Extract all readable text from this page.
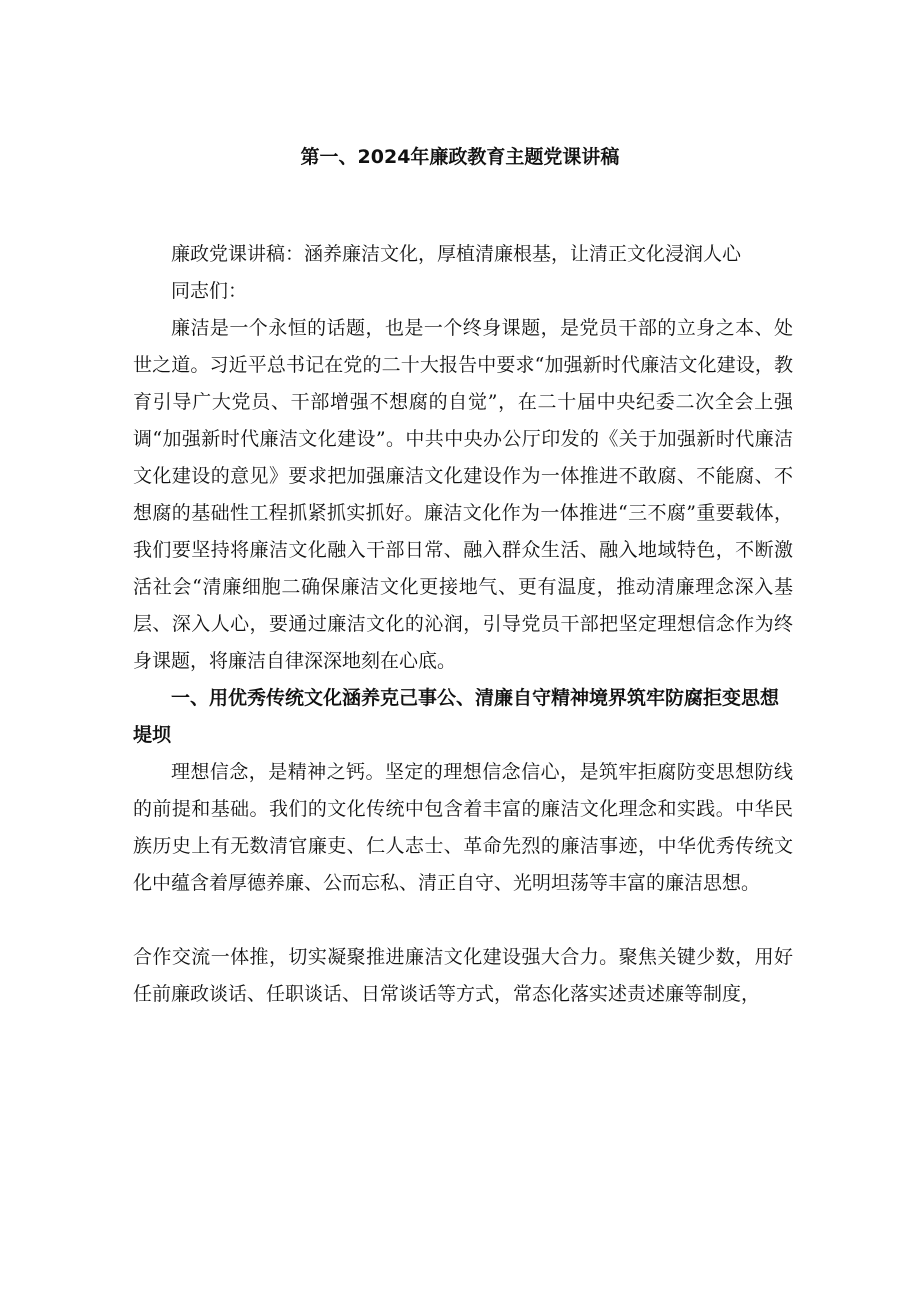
第一、2024年廉政教育主题党课讲稿

廉政党课讲稿：涵养廉洁文化，厚植清廉根基，让清正文化浸润人心

同志们：

廉洁是一个永恒的话题，也是一个终身课题，是党员干部的立身之本、处世之道。习近平总书记在党的二十大报告中要求“加强新时代廉洁文化建设，教育引导广大党员、干部增强不想腐的自觉”，在二十届中央纪委二次全会上强调“加强新时代廉洁文化建设”。中共中央办公厅印发的《关于加强新时代廉洁文化建设的意见》要求把加强廉洁文化建设作为一体推进不敢腐、不能腐、不想腐的基础性工程抓紧抓实抓好。廉洁文化作为一体推进“三不腐”重要载体，我们要坚持将廉洁文化融入干部日常、融入群众生活、融入地域特色，不断激活社会“清廉细胞二确保廉洁文化更接地气、更有温度，推动清廉理念深入基层、深入人心，要通过廉洁文化的沁润，引导党员干部把坚定理想信念作为终身课题，将廉洁自律深深地刻在心底。

一、用优秀传统文化涵养克己事公、清廉自守精神境界筑牢防腐拒变思想堤坝

理想信念，是精神之钙。坚定的理想信念信心，是筑牢拒腐防变思想防线的前提和基础。我们的文化传统中包含着丰富的廉洁文化理念和实践。中华民族历史上有无数清官廉吏、仁人志士、革命先烈的廉洁事迹，中华优秀传统文化中蕴含着厚德养廉、公而忘私、清正自守、光明坦荡等丰富的廉洁思想。

合作交流一体推，切实凝聚推进廉洁文化建设强大合力。聚焦关键少数，用好任前廉政谈话、任职谈话、日常谈话等方式，常态化落实述责述廉等制度，
